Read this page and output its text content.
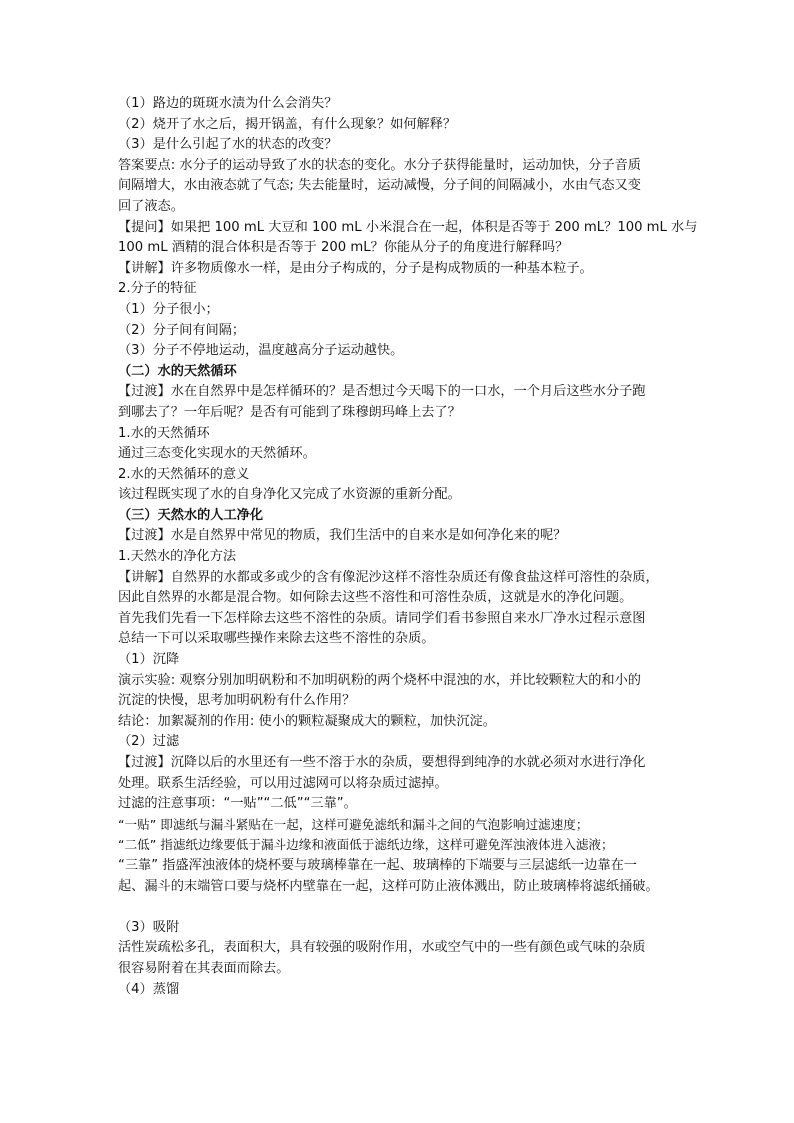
（1）路边的斑斑水渍为什么会消失？
（2）烧开了水之后，揭开锅盖，有什么现象？如何解释？
（3）是什么引起了水的状态的改变？
答案要点: 水分子的运动导致了水的状态的变化。水分子获得能量时，运动加快，分子音质
间隔增大，水由液态就了气态; 失去能量时，运动减慢，分子间的间隔减小，水由气态又变
回了液态。
【提问】如果把 100 mL 大豆和 100 mL 小米混合在一起，体积是否等于 200 mL？100 mL 水与
100 mL 酒精的混合体积是否等于 200 mL？你能从分子的角度进行解释吗？
【讲解】许多物质像水一样，是由分子构成的，分子是构成物质的一种基本粒子。
2.分子的特征
（1）分子很小；
（2）分子间有间隔；
（3）分子不停地运动，温度越高分子运动越快。
（二）水的天然循环
【过渡】水在自然界中是怎样循环的？是否想过今天喝下的一口水，一个月后这些水分子跑
到哪去了？一年后呢？是否有可能到了珠穆朗玛峰上去了？
1.水的天然循环
通过三态变化实现水的天然循环。
2.水的天然循环的意义
该过程既实现了水的自身净化又完成了水资源的重新分配。
（三）天然水的人工净化
【过渡】水是自然界中常见的物质，我们生活中的自来水是如何净化来的呢？
1.天然水的净化方法
【讲解】自然界的水都或多或少的含有像泥沙这样不溶性杂质还有像食盐这样可溶性的杂质，
因此自然界的水都是混合物。如何除去这些不溶性和可溶性杂质，这就是水的净化问题。
首先我们先看一下怎样除去这些不溶性的杂质。请同学们看书参照自来水厂净水过程示意图
总结一下可以采取哪些操作来除去这些不溶性的杂质。
（1）沉降
演示实验: 观察分别加明矾粉和不加明矾粉的两个烧杯中混浊的水，并比较颗粒大的和小的
沉淀的快慢，思考加明矾粉有什么作用？
结论：加絮凝剂的作用: 使小的颗粒凝聚成大的颗粒，加快沉淀。
（2）过滤
【过渡】沉降以后的水里还有一些不溶于水的杂质，要想得到纯净的水就必须对水进行净化
处理。联系生活经验，可以用过滤网可以将杂质过滤掉。
过滤的注意事项：“一贴”“二低”“三靠”。
“一贴” 即滤纸与漏斗紧贴在一起，这样可避免滤纸和漏斗之间的气泡影响过滤速度；
“二低” 指滤纸边缘要低于漏斗边缘和液面低于滤纸边缘，这样可避免浑浊液体进入滤液；
“三靠” 指盛浑浊液体的烧杯要与玻璃棒靠在一起、玻璃棒的下端要与三层滤纸一边靠在一
起、漏斗的末端管口要与烧杯内壁靠在一起，这样可防止液体溅出，防止玻璃棒将滤纸捅破。
（3）吸附
活性炭疏松多孔，表面积大，具有较强的吸附作用，水或空气中的一些有颜色或气味的杂质
很容易附着在其表面而除去。
（4）蒸馏
